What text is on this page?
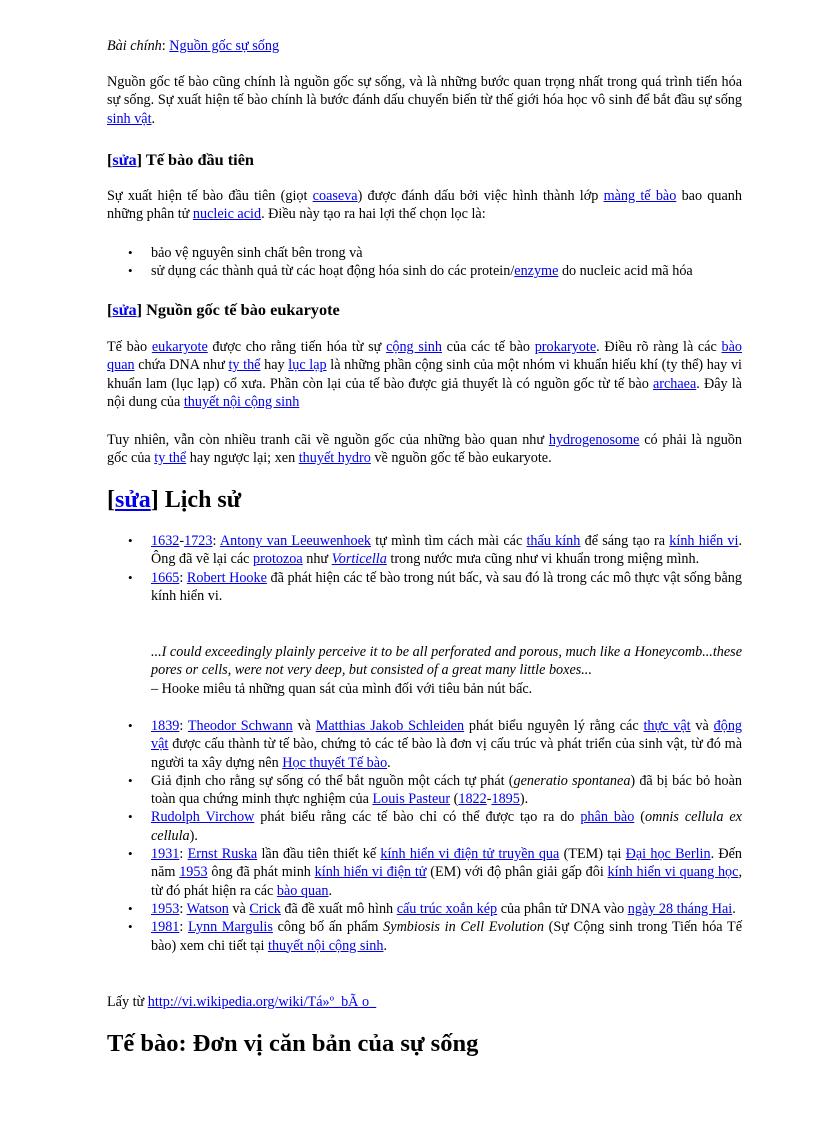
Bài chính: Nguồn gốc sự sống

Nguồn gốc tế bào cũng chính là nguồn gốc sự sống, và là những bước quan trọng nhất trong quá trình tiến hóa sự sống. Sự xuất hiện tế bào chính là bước đánh dấu chuyển biến từ thế giới hóa học vô sinh để bắt đầu sự sống sinh vật.

[sửa] Tế bào đầu tiên

Sự xuất hiện tế bào đầu tiên (giọt coaseva) được đánh dấu bởi việc hình thành lớp màng tế bào bao quanh những phân tử nucleic acid. Điều này tạo ra hai lợi thế chọn lọc là:

• bảo vệ nguyên sinh chất bên trong và
• sử dụng các thành quả từ các hoạt động hóa sinh do các protein/enzyme do nucleic acid mã hóa
[sửa] Nguồn gốc tế bào eukaryote

Tế bào eukaryote được cho rằng tiến hóa từ sự cộng sinh của các tế bào prokaryote. Điều rõ ràng là các bào quan chứa DNA như ty thể hay lục lạp là những phần cộng sinh của một nhóm vi khuẩn hiếu khí (ty thể) hay vi khuẩn lam (lục lạp) cổ xưa. Phần còn lại của tế bào được giả thuyết là có nguồn gốc từ tế bào archaea. Đây là nội dung của thuyết nội cộng sinh

Tuy nhiên, vẫn còn nhiều tranh cãi về nguồn gốc của những bào quan như hydrogenosome có phải là nguồn gốc của ty thể hay ngược lại; xen thuyết hydro về nguồn gốc tế bào eukaryote.

[sửa] Lịch sử
• 1632-1723: Antony van Leeuwenhoek tự mình tìm cách mài các thấu kính để sáng tạo ra kính hiển vi. Ông đã vẽ lại các protozoa như Vorticella trong nước mưa cũng như vi khuẩn trong miệng mình.
• 1665: Robert Hooke đã phát hiện các tế bào trong nút bấc, và sau đó là trong các mô thực vật sống bằng kính hiển vi.
...I could exceedingly plainly perceive it to be all perforated and porous, much like a Honeycomb...these pores or cells, were not very deep, but consisted of a great many little boxes...
– Hooke miêu tả những quan sát của mình đối với tiêu bản nút bấc.
• 1839: Theodor Schwann và Matthias Jakob Schleiden phát biểu nguyên lý rằng các thực vật và động vật được cấu thành từ tế bào, chứng tỏ các tế bào là đơn vị cấu trúc và phát triển của sinh vật, từ đó mà người ta xây dựng nên Học thuyết Tế bào.
• Giả định cho rằng sự sống có thể bắt nguồn một cách tự phát (generatio spontanea) đã bị bác bỏ hoàn toàn qua chứng minh thực nghiệm của Louis Pasteur (1822-1895).
• Rudolph Virchow phát biểu rằng các tế bào chỉ có thể được tạo ra do phân bào (omnis cellula ex cellula).
• 1931: Ernst Ruska lần đầu tiên thiết kế kính hiển vi điện tử truyền qua (TEM) tại Đại học Berlin. Đến năm 1953 ông đã phát minh kính hiển vi điện tử (EM) với độ phân giải gấp đôi kính hiển vi quang học, từ đó phát hiện ra các bào quan.
• 1953: Watson và Crick đã đề xuất mô hình cấu trúc xoắn kép của phân tử DNA vào ngày 28 tháng Hai.
• 1981: Lynn Margulis công bố ấn phẩm Symbiosis in Cell Evolution (Sự Cộng sinh trong Tiến hóa Tế bào) xem chi tiết tại thuyết nội cộng sinh.

Lấy từ http://vi.wikipedia.org/wiki/Tá»º_bÃ o_

Tế bào: Đơn vị căn bản của sự sống
